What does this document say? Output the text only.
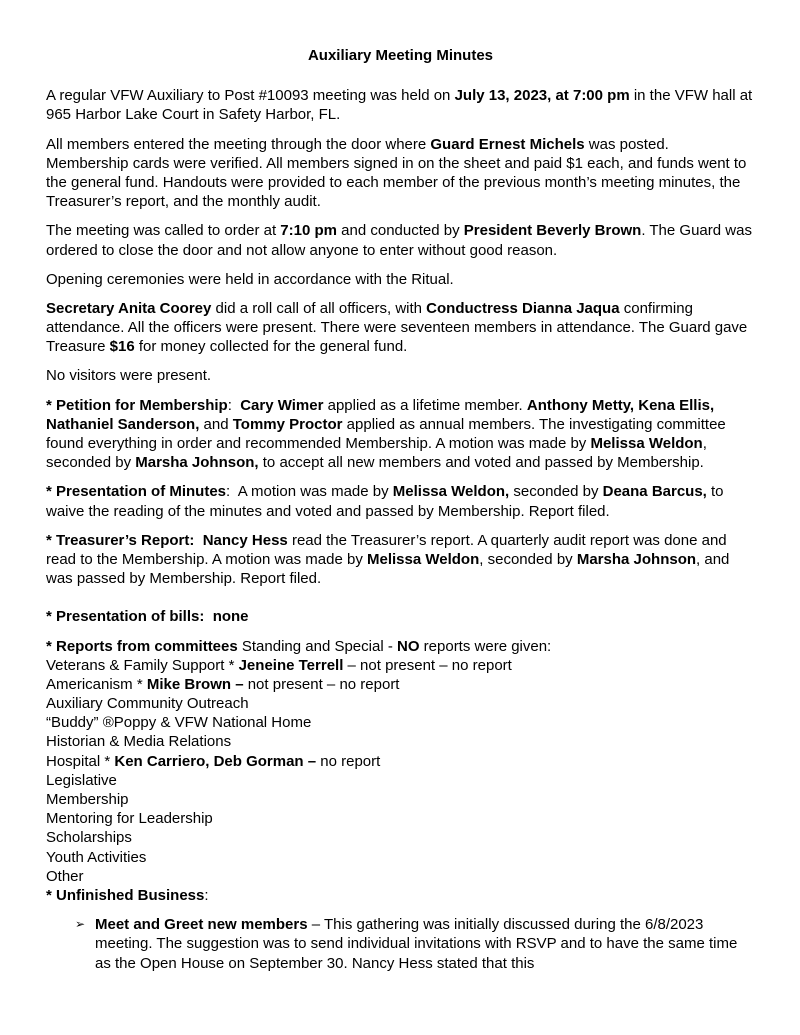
Auxiliary Meeting Minutes

A regular VFW Auxiliary to Post #10093 meeting was held on July 13, 2023, at 7:00 pm in the VFW hall at 965 Harbor Lake Court in Safety Harbor, FL.

All members entered the meeting through the door where Guard Ernest Michels was posted. Membership cards were verified. All members signed in on the sheet and paid $1 each, and funds went to the general fund. Handouts were provided to each member of the previous month’s meeting minutes, the Treasurer’s report, and the monthly audit.

The meeting was called to order at 7:10 pm and conducted by President Beverly Brown. The Guard was ordered to close the door and not allow anyone to enter without good reason.

Opening ceremonies were held in accordance with the Ritual.

Secretary Anita Coorey did a roll call of all officers, with Conductress Dianna Jaqua confirming attendance. All the officers were present. There were seventeen members in attendance. The Guard gave Treasure $16 for money collected for the general fund.

No visitors were present.

* Petition for Membership:  Cary Wimer applied as a lifetime member. Anthony Metty, Kena Ellis, Nathaniel Sanderson, and Tommy Proctor applied as annual members. The investigating committee found everything in order and recommended Membership. A motion was made by Melissa Weldon, seconded by Marsha Johnson, to accept all new members and voted and passed by Membership.

* Presentation of Minutes:  A motion was made by Melissa Weldon, seconded by Deana Barcus, to waive the reading of the minutes and voted and passed by Membership. Report filed.

* Treasurer’s Report:  Nancy Hess read the Treasurer’s report. A quarterly audit report was done and read to the Membership. A motion was made by Melissa Weldon, seconded by Marsha Johnson, and was passed by Membership. Report filed.

* Presentation of bills:  none

* Reports from committees Standing and Special - NO reports were given:
Veterans & Family Support * Jeneine Terrell – not present – no report
Americanism * Mike Brown – not present – no report
Auxiliary Community Outreach
“Buddy” ®Poppy & VFW National Home
Historian & Media Relations
Hospital * Ken Carriero, Deb Gorman – no report
Legislative
Membership
Mentoring for Leadership
Scholarships
Youth Activities
Other
* Unfinished Business:
➢ Meet and Greet new members – This gathering was initially discussed during the 6/8/2023 meeting. The suggestion was to send individual invitations with RSVP and to have the same time as the Open House on September 30. Nancy Hess stated that this
